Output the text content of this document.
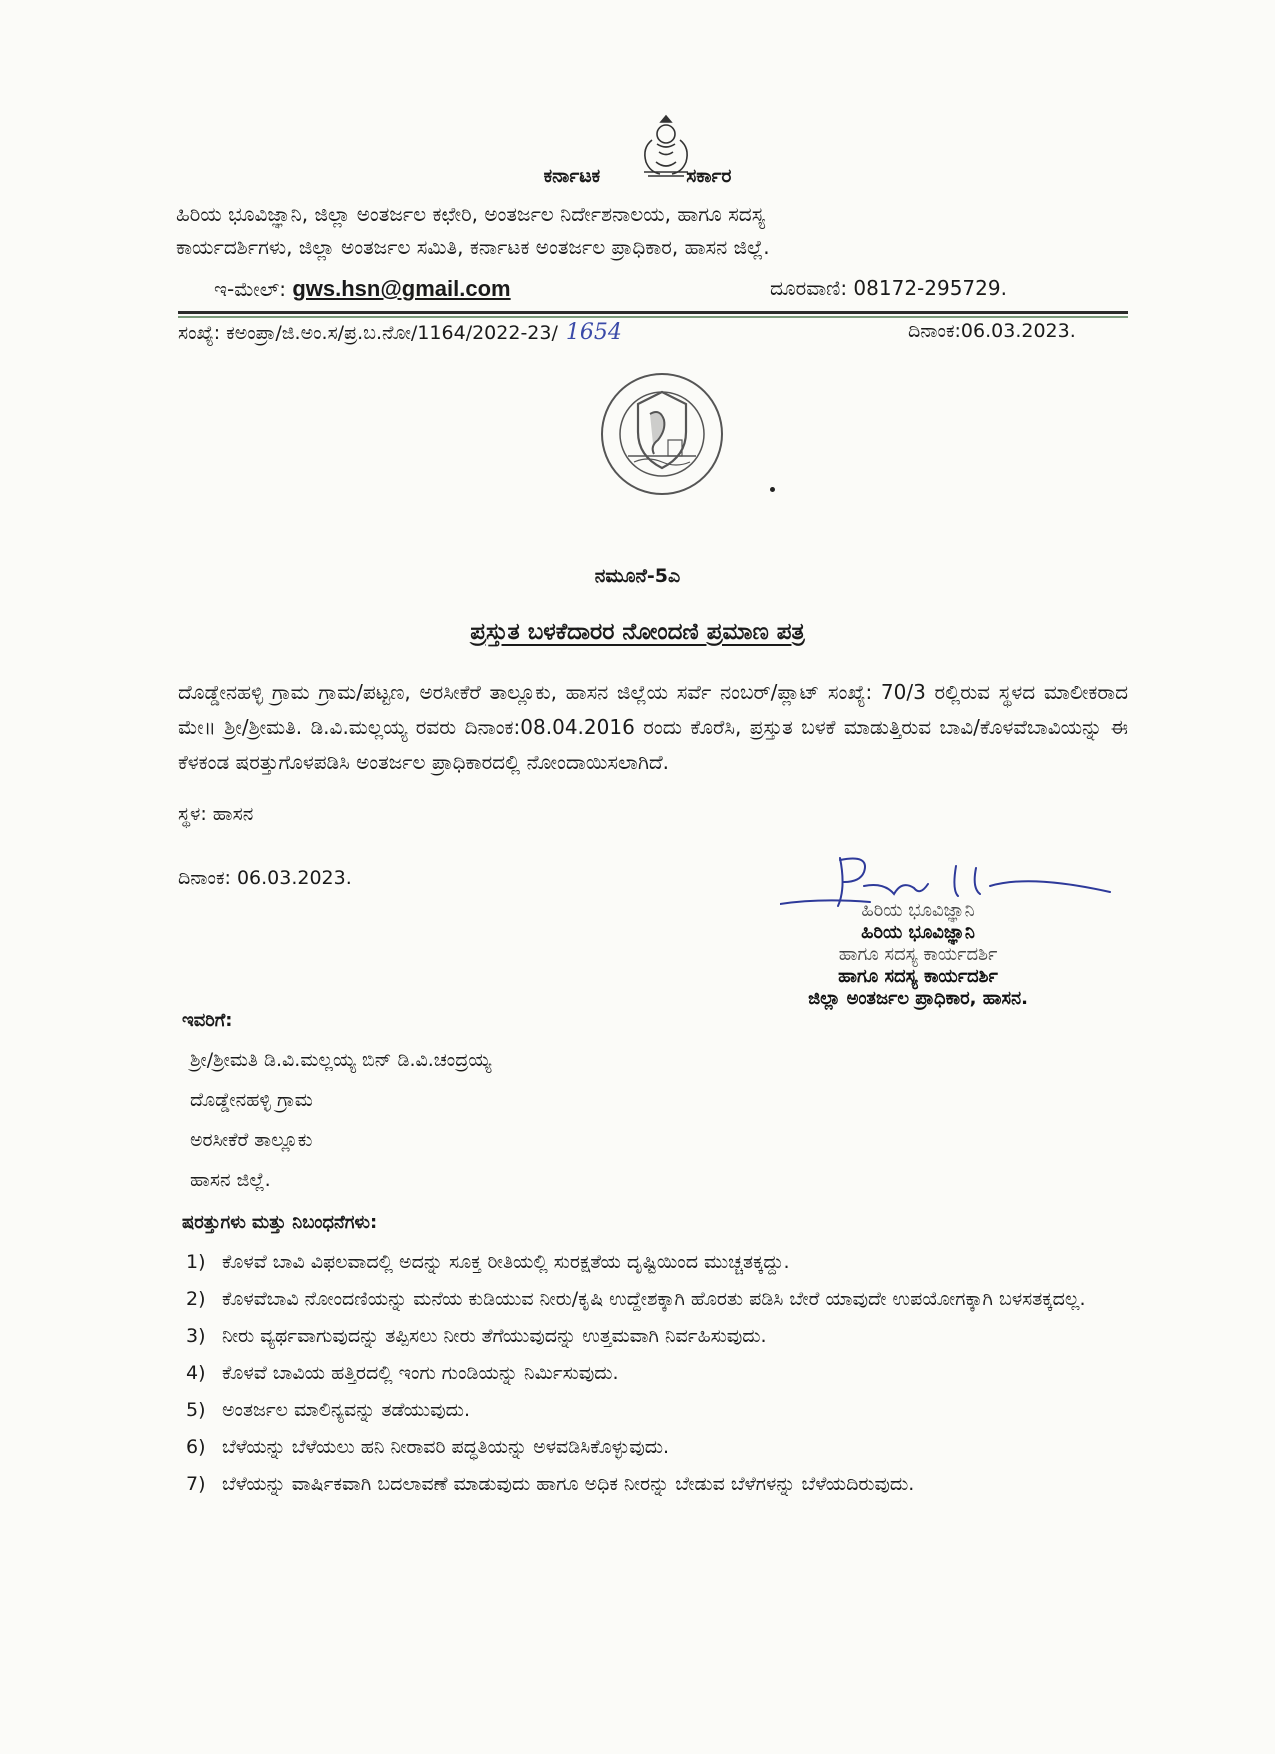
ಕರ್ನಾಟಕ	ಸರ್ಕಾರ
ಹಿರಿಯ ಭೂವಿಜ್ಞಾನಿ, ಜಿಲ್ಲಾ ಅಂತರ್ಜಲ ಕಛೇರಿ, ಅಂತರ್ಜಲ ನಿರ್ದೇಶನಾಲಯ, ಹಾಗೂ ಸದಸ್ಯ
ಕಾರ್ಯದರ್ಶಿಗಳು, ಜಿಲ್ಲಾ ಅಂತರ್ಜಲ ಸಮಿತಿ, ಕರ್ನಾಟಕ ಅಂತರ್ಜಲ ಪ್ರಾಧಿಕಾರ, ಹಾಸನ ಜಿಲ್ಲೆ.
ಇ-ಮೇಲ್: gws.hsn@gmail.com	ದೂರವಾಣಿ: 08172-295729.
ಸಂಖ್ಯೆ: ಕಅಂಪ್ರಾ/ಜಿ.ಅಂ.ಸ/ಪ್ರ.ಬ.ನೋ/1164/2022-23/ 1654	ದಿನಾಂಕ:06.03.2023.
ನಮೂನೆ-5ಎ
ಪ್ರಸ್ತುತ ಬಳಕೆದಾರರ ನೋಂದಣಿ ಪ್ರಮಾಣ ಪತ್ರ
ದೊಡ್ಡೇನಹಳ್ಳಿ ಗ್ರಾಮ ಗ್ರಾಮ/ಪಟ್ಟಣ, ಅರಸೀಕೆರೆ ತಾಲ್ಲೂಕು, ಹಾಸನ ಜಿಲ್ಲೆಯ ಸರ್ವೆ ನಂಬರ್/ಪ್ಲಾಟ್ ಸಂಖ್ಯೆ: 70/3 ರಲ್ಲಿರುವ ಸ್ಥಳದ ಮಾಲೀಕರಾದ ಮೇ॥ ಶ್ರೀ/ಶ್ರೀಮತಿ. ಡಿ.ವಿ.ಮಲ್ಲಯ್ಯ ರವರು ದಿನಾಂಕ:08.04.2016 ರಂದು ಕೊರೆಸಿ, ಪ್ರಸ್ತುತ ಬಳಕೆ ಮಾಡುತ್ತಿರುವ ಬಾವಿ/ಕೊಳವೆಬಾವಿಯನ್ನು ಈ ಕೆಳಕಂಡ ಷರತ್ತುಗೊಳಪಡಿಸಿ ಅಂತರ್ಜಲ ಪ್ರಾಧಿಕಾರದಲ್ಲಿ ನೋಂದಾಯಿಸಲಾಗಿದೆ.
ಸ್ಥಳ: ಹಾಸನ
ದಿನಾಂಕ: 06.03.2023.
ಹಿರಿಯ ಭೂವಿಜ್ಞಾನಿ
ಹಿರಿಯ ಭೂವಿಜ್ಞಾನಿ
ಹಾಗೂ ಸದಸ್ಯ ಕಾರ್ಯದರ್ಶಿ
ಹಾಗೂ ಸದಸ್ಯ ಕಾರ್ಯದರ್ಶಿ
ಜಿಲ್ಲಾ ಅಂತರ್ಜಲ ಪ್ರಾಧಿಕಾರ, ಹಾಸನ.
ಇವರಿಗೆ:
ಶ್ರೀ/ಶ್ರೀಮತಿ ಡಿ.ವಿ.ಮಲ್ಲಯ್ಯ ಬಿನ್ ಡಿ.ವಿ.ಚಂದ್ರಯ್ಯ
ದೊಡ್ಡೇನಹಳ್ಳಿ ಗ್ರಾಮ
ಅರಸೀಕೆರೆ ತಾಲ್ಲೂಕು
ಹಾಸನ ಜಿಲ್ಲೆ.
ಷರತ್ತುಗಳು ಮತ್ತು ನಿಬಂಧನೆಗಳು:
1) ಕೊಳವೆ ಬಾವಿ ವಿಫಲವಾದಲ್ಲಿ ಅದನ್ನು ಸೂಕ್ತ ರೀತಿಯಲ್ಲಿ ಸುರಕ್ಷತೆಯ ದೃಷ್ಟಿಯಿಂದ ಮುಚ್ಚತಕ್ಕದ್ದು.
2) ಕೊಳವೆಬಾವಿ ನೋಂದಣಿಯನ್ನು ಮನೆಯ ಕುಡಿಯುವ ನೀರು/ಕೃಷಿ ಉದ್ದೇಶಕ್ಕಾಗಿ ಹೊರತು ಪಡಿಸಿ ಬೇರೆ ಯಾವುದೇ ಉಪಯೋಗಕ್ಕಾಗಿ ಬಳಸತಕ್ಕದಲ್ಲ.
3) ನೀರು ವ್ಯರ್ಥವಾಗುವುದನ್ನು ತಪ್ಪಿಸಲು ನೀರು ತೆಗೆಯುವುದನ್ನು ಉತ್ತಮವಾಗಿ ನಿರ್ವಹಿಸುವುದು.
4) ಕೊಳವೆ ಬಾವಿಯ ಹತ್ತಿರದಲ್ಲಿ ಇಂಗು ಗುಂಡಿಯನ್ನು ನಿರ್ಮಿಸುವುದು.
5) ಅಂತರ್ಜಲ ಮಾಲಿನ್ಯವನ್ನು ತಡೆಯುವುದು.
6) ಬೆಳೆಯನ್ನು ಬೆಳೆಯಲು ಹನಿ ನೀರಾವರಿ ಪದ್ಧತಿಯನ್ನು ಅಳವಡಿಸಿಕೊಳ್ಳುವುದು.
7) ಬೆಳೆಯನ್ನು ವಾರ್ಷಿಕವಾಗಿ ಬದಲಾವಣೆ ಮಾಡುವುದು ಹಾಗೂ ಅಧಿಕ ನೀರನ್ನು ಬೇಡುವ ಬೆಳೆಗಳನ್ನು ಬೆಳೆಯದಿರುವುದು.
